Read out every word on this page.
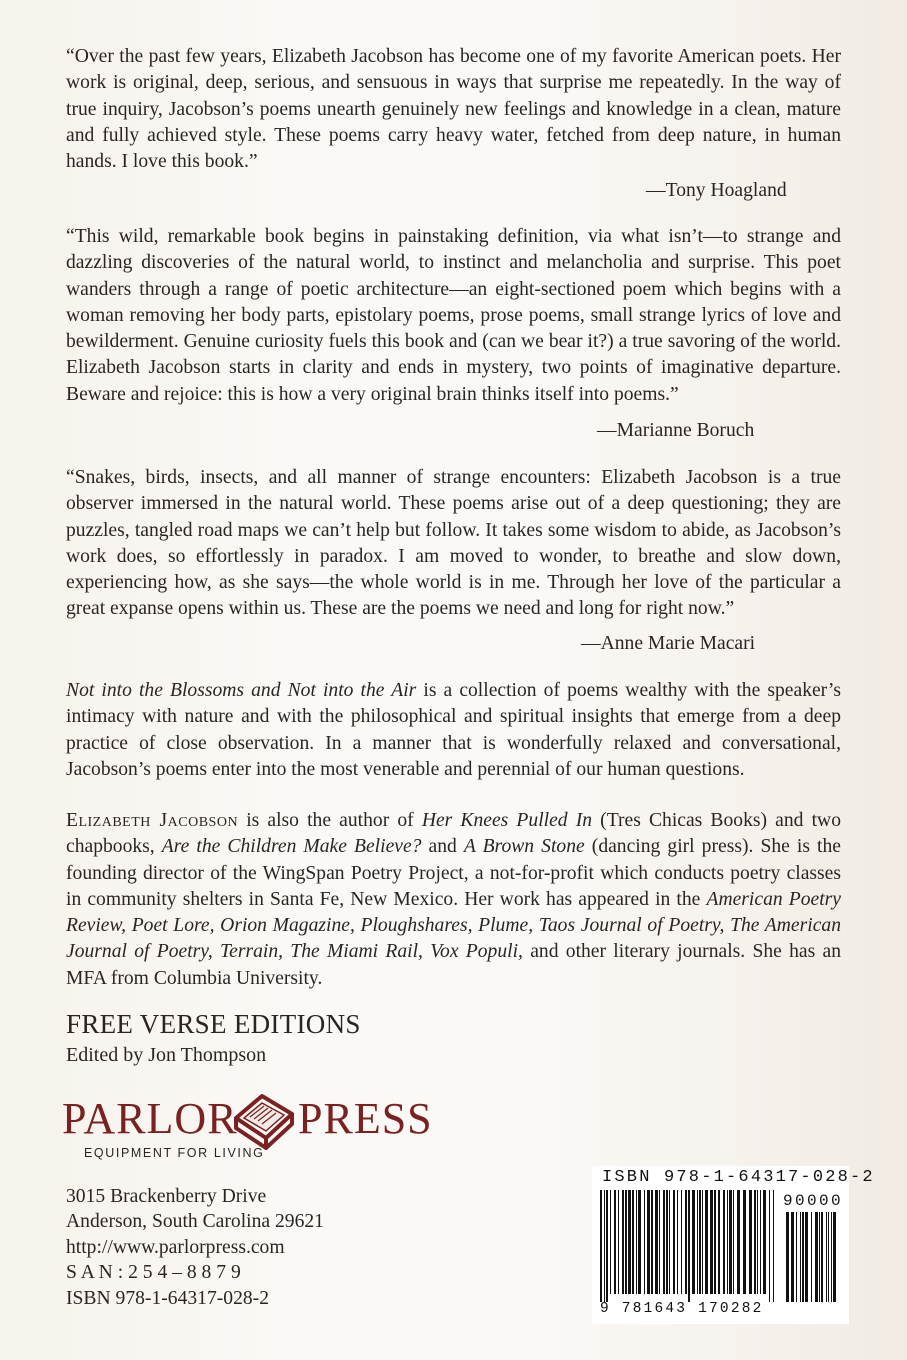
“Over the past few years, Elizabeth Jacobson has become one of my favorite American poets. Her work is original, deep, serious, and sensuous in ways that surprise me repeatedly. In the way of true inquiry, Jacobson’s poems unearth genuinely new feelings and knowledge in a clean, mature and fully achieved style. These poems carry heavy water, fetched from deep nature, in human hands. I love this book.”

—Tony Hoagland

“This wild, remarkable book begins in painstaking definition, via what isn’t—to strange and dazzling discoveries of the natural world, to instinct and melancholia and surprise. This poet wanders through a range of poetic architecture—an eight-sectioned poem which begins with a woman removing her body parts, epistolary poems, prose poems, small strange lyrics of love and bewilderment. Genuine curiosity fuels this book and (can we bear it?) a true savoring of the world. Elizabeth Jacobson starts in clarity and ends in mystery, two points of imaginative departure. Beware and rejoice: this is how a very original brain thinks itself into poems.”

—Marianne Boruch

“Snakes, birds, insects, and all manner of strange encounters: Elizabeth Jacobson is a true observer immersed in the natural world. These poems arise out of a deep questioning; they are puzzles, tangled road maps we can’t help but follow. It takes some wisdom to abide, as Jacobson’s work does, so effortlessly in paradox. I am moved to wonder, to breathe and slow down, experiencing how, as she says—the whole world is in me. Through her love of the particular a great expanse opens within us. These are the poems we need and long for right now.”

—Anne Marie Macari

Not into the Blossoms and Not into the Air is a collection of poems wealthy with the speaker’s intimacy with nature and with the philosophical and spiritual insights that emerge from a deep practice of close observation. In a manner that is wonderfully relaxed and conversational, Jacobson’s poems enter into the most venerable and perennial of our human questions.

Elizabeth Jacobson is also the author of Her Knees Pulled In (Tres Chicas Books) and two chapbooks, Are the Children Make Believe? and A Brown Stone (dancing girl press). She is the founding director of the WingSpan Poetry Project, a not-for-profit which conducts poetry classes in community shelters in Santa Fe, New Mexico. Her work has appeared in the American Poetry Review, Poet Lore, Orion Magazine, Ploughshares, Plume, Taos Journal of Poetry, The American Journal of Poetry, Terrain, The Miami Rail, Vox Populi, and other literary journals. She has an MFA from Columbia University.

FREE VERSE EDITIONS
Edited by Jon Thompson
PARLOR PRESS
EQUIPMENT FOR LIVING
3015 Brackenberry Drive
Anderson, South Carolina 29621
http://www.parlorpress.com
S A N : 2 5 4 – 8 8 7 9
ISBN 978-1-64317-028-2
ISBN 978-1-64317-028-2
90000
9 781643 170282
